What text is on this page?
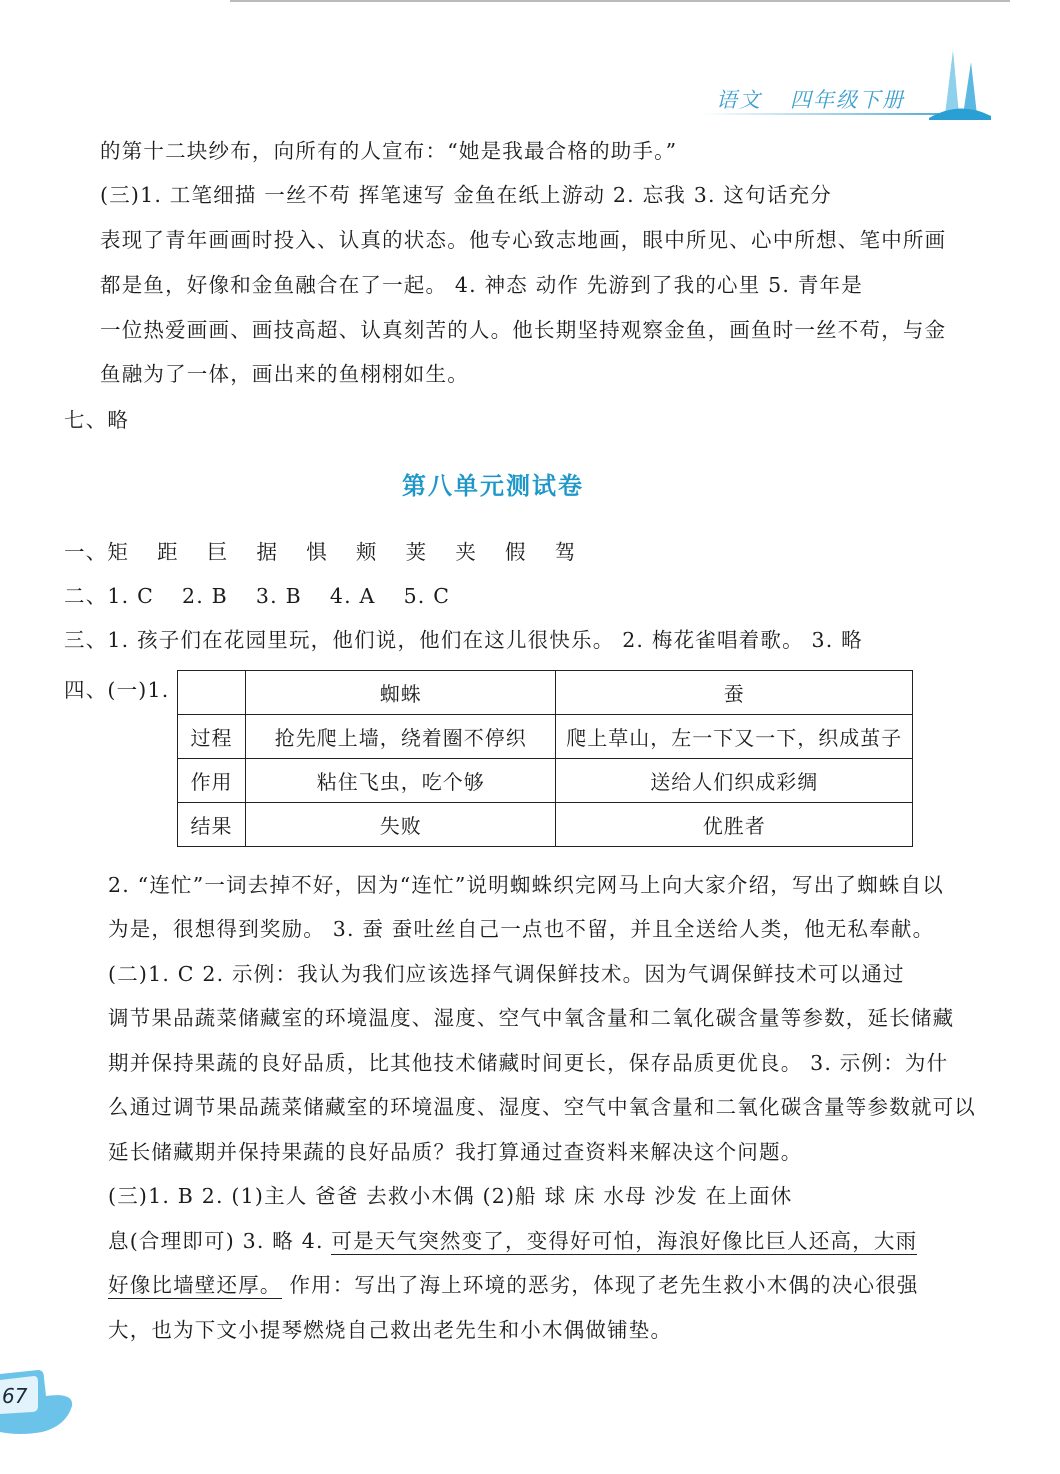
语文 四年级下册
的第十二块纱布，向所有的人宣布：“她是我最合格的助手。”
(三)1. 工笔细描 一丝不苟 挥笔速写 金鱼在纸上游动 2. 忘我 3. 这句话充分
表现了青年画画时投入、认真的状态。他专心致志地画，眼中所见、心中所想、笔中所画
都是鱼，好像和金鱼融合在了一起。 4. 神态 动作 先游到了我的心里 5. 青年是
一位热爱画画、画技高超、认真刻苦的人。他长期坚持观察金鱼，画鱼时一丝不苟，与金
鱼融为了一体，画出来的鱼栩栩如生。
七、略
第八单元测试卷
一、矩 距 巨 据 惧 颊 荚 夹 假 驾
二、1. C 2. B 3. B 4. A 5. C
三、1. 孩子们在花园里玩，他们说，他们在这儿很快乐。 2. 梅花雀唱着歌。 3. 略
四、(一)1.
		蜘蛛	蚕
过程	抢先爬上墙，绕着圈不停织	爬上草山，左一下又一下，织成茧子
作用	粘住飞虫，吃个够	送给人们织成彩绸
结果	失败	优胜者
2. “连忙”一词去掉不好，因为“连忙”说明蜘蛛织完网马上向大家介绍，写出了蜘蛛自以
为是，很想得到奖励。 3. 蚕 蚕吐丝自己一点也不留，并且全送给人类，他无私奉献。
(二)1. C 2. 示例：我认为我们应该选择气调保鲜技术。因为气调保鲜技术可以通过
调节果品蔬菜储藏室的环境温度、湿度、空气中氧含量和二氧化碳含量等参数，延长储藏
期并保持果蔬的良好品质，比其他技术储藏时间更长，保存品质更优良。 3. 示例：为什
么通过调节果品蔬菜储藏室的环境温度、湿度、空气中氧含量和二氧化碳含量等参数就可以
延长储藏期并保持果蔬的良好品质？我打算通过查资料来解决这个问题。
(三)1. B 2. (1)主人 爸爸 去救小木偶 (2)船 球 床 水母 沙发 在上面休
息(合理即可) 3. 略 4. 可是天气突然变了，变得好可怕，海浪好像比巨人还高，大雨
好像比墙壁还厚。 作用：写出了海上环境的恶劣，体现了老先生救小木偶的决心很强
大，也为下文小提琴燃烧自己救出老先生和小木偶做铺垫。
67
